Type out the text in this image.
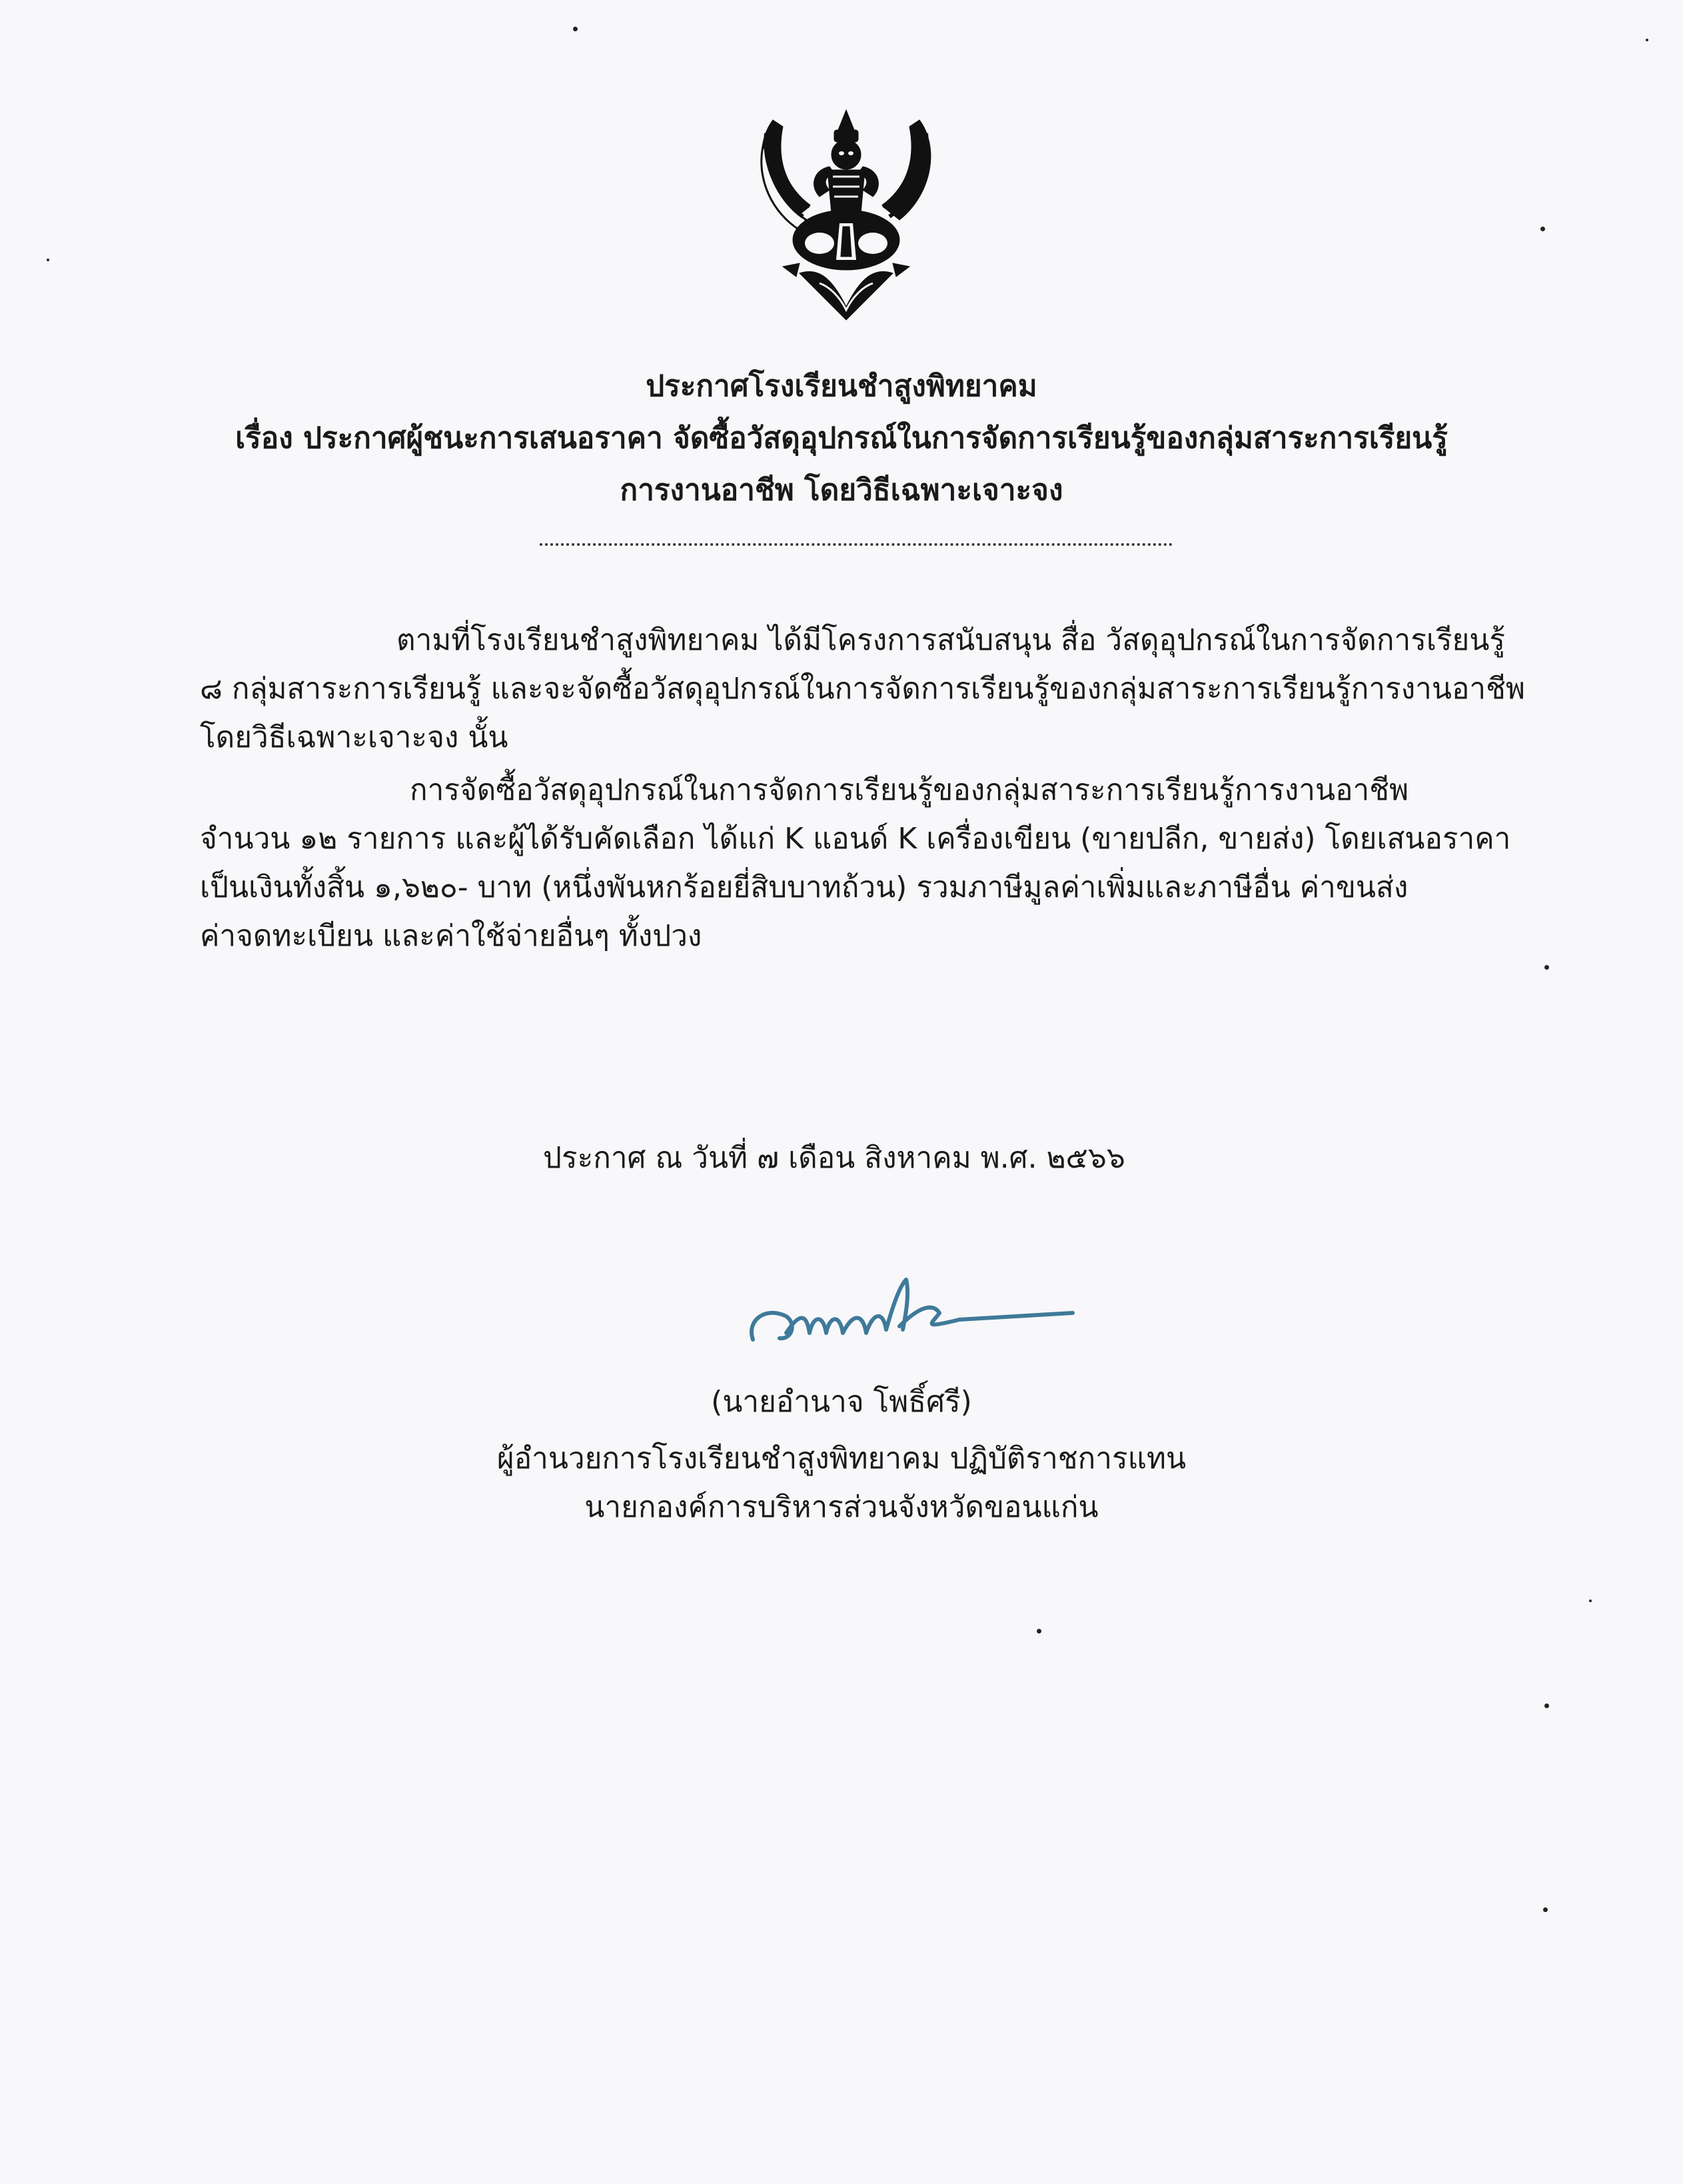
ประกาศโรงเรียนชำสูงพิทยาคม
เรื่อง ประกาศผู้ชนะการเสนอราคา จัดซื้อวัสดุอุปกรณ์ในการจัดการเรียนรู้ของกลุ่มสาระการเรียนรู้
การงานอาชีพ โดยวิธีเฉพาะเจาะจง
ตามที่โรงเรียนชำสูงพิทยาคม ได้มีโครงการสนับสนุน สื่อ วัสดุอุปกรณ์ในการจัดการเรียนรู้
๘ กลุ่มสาระการเรียนรู้ และจะจัดซื้อวัสดุอุปกรณ์ในการจัดการเรียนรู้ของกลุ่มสาระการเรียนรู้การงานอาชีพ
โดยวิธีเฉพาะเจาะจง นั้น
การจัดซื้อวัสดุอุปกรณ์ในการจัดการเรียนรู้ของกลุ่มสาระการเรียนรู้การงานอาชีพ
จำนวน ๑๒ รายการ และผู้ได้รับคัดเลือก ได้แก่ K แอนด์ K เครื่องเขียน (ขายปลีก, ขายส่ง) โดยเสนอราคา
เป็นเงินทั้งสิ้น ๑,๖๒๐- บาท (หนึ่งพันหกร้อยยี่สิบบาทถ้วน) รวมภาษีมูลค่าเพิ่มและภาษีอื่น ค่าขนส่ง
ค่าจดทะเบียน และค่าใช้จ่ายอื่นๆ ทั้งปวง
ประกาศ ณ วันที่ ๗ เดือน สิงหาคม พ.ศ. ๒๕๖๖
(นายอำนาจ โพธิ์ศรี)
ผู้อำนวยการโรงเรียนชำสูงพิทยาคม ปฏิบัติราชการแทน
นายกองค์การบริหารส่วนจังหวัดขอนแก่น
